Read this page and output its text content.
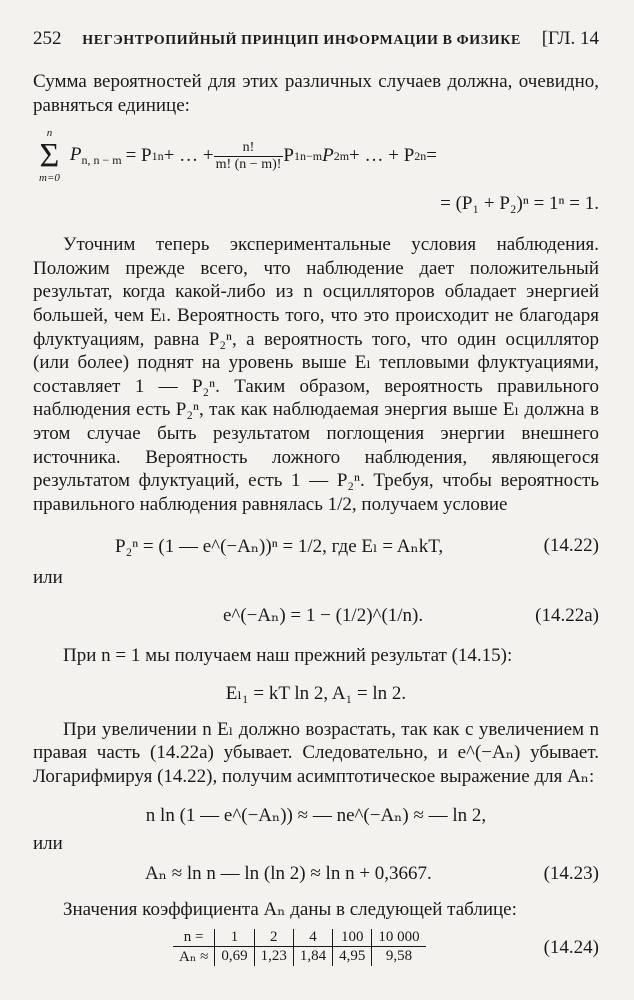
252 НЕГЭНТРОПИЙНЫЙ ПРИНЦИП ИНФОРМАЦИИ В ФИЗИКЕ [ГЛ. 14

Сумма вероятностей для этих различных случаев должна, очевидно, равняться единице:

n
Σ
m=0
$P_{n, n - m} = P$ 1 n + … + $\frac{n!}{m! (n - m)!}$ P 1 n−m P 2 m + … + P 2 n =
= (P₁ + P₂)ⁿ = 1ⁿ = 1.

Уточним теперь экспериментальные условия наблюдения. Положим прежде всего, что наблюдение дает положительный результат, когда какой-либо из n осцилляторов обладает энергией большей, чем Eₗ. Вероятность того, что это происходит не благодаря флуктуациям, равна P₂ⁿ, а вероятность того, что один осциллятор (или более) поднят на уровень выше Eₗ тепловыми флуктуациями, составляет 1 — P₂ⁿ. Таким образом, вероятность правильного наблюдения есть P₂ⁿ, так как наблюдаемая энергия выше Eₗ должна в этом случае быть результатом поглощения энергии внешнего источника. Вероятность ложного наблюдения, являющегося результатом флуктуаций, есть 1 — P₂ⁿ. Требуя, чтобы вероятность правильного наблюдения равнялась 1/2, получаем условие

P₂ⁿ = (1 — e^(−Aₙ))ⁿ = 1/2, где Eₗ = AₙkT,	(14.22)

или

e^(−Aₙ) = 1 − (1/2)^(1/n).	(14.22a)

При n = 1 мы получаем наш прежний результат (14.15):

Eₗ₁ = kT ln 2, A₁ = ln 2.

При увеличении n Eₗ должно возрастать, так как с увеличением n правая часть (14.22a) убывает. Следовательно, и e^(−Aₙ) убывает. Логарифмируя (14.22), получим асимптотическое выражение для Aₙ:

n ln (1 — e^(−Aₙ)) ≈ — ne^(−Aₙ) ≈ — ln 2,

или

Aₙ ≈ ln n — ln (ln 2) ≈ ln n + 0,3667.	(14.23)

Значения коэффициента Aₙ даны в следующей таблице:

n =	1	2	4	100	10 000
Aₙ ≈	0,69	1,23	1,84	4,95	9,58	(14.24)
